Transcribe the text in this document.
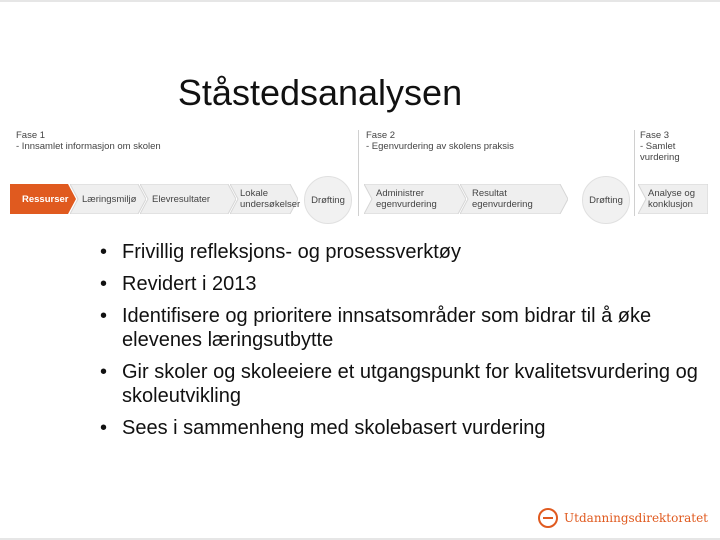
Ståstedsanalysen
Fase 1
- Innsamlet informasjon om skolen
Fase 2
- Egenvurdering av skolens praksis
Fase 3
- Samlet vurdering
Ressurser Læringsmiljø Elevresultater	Lokale undersøkelser Drøfting
Administrer egenvurdering
Resultat egenvurdering	Drøfting
Analyse og konklusjon
• Frivillig refleksjons- og prosessverktøy
• Revidert i 2013
• Identifisere og prioritere innsatsområder som bidrar til å øke elevenes læringsutbytte
• Gir skoler og skoleeiere et utgangspunkt for kvalitetsvurdering og skoleutvikling
• Sees i sammenheng med skolebasert vurdering
Utdanningsdirektoratet
